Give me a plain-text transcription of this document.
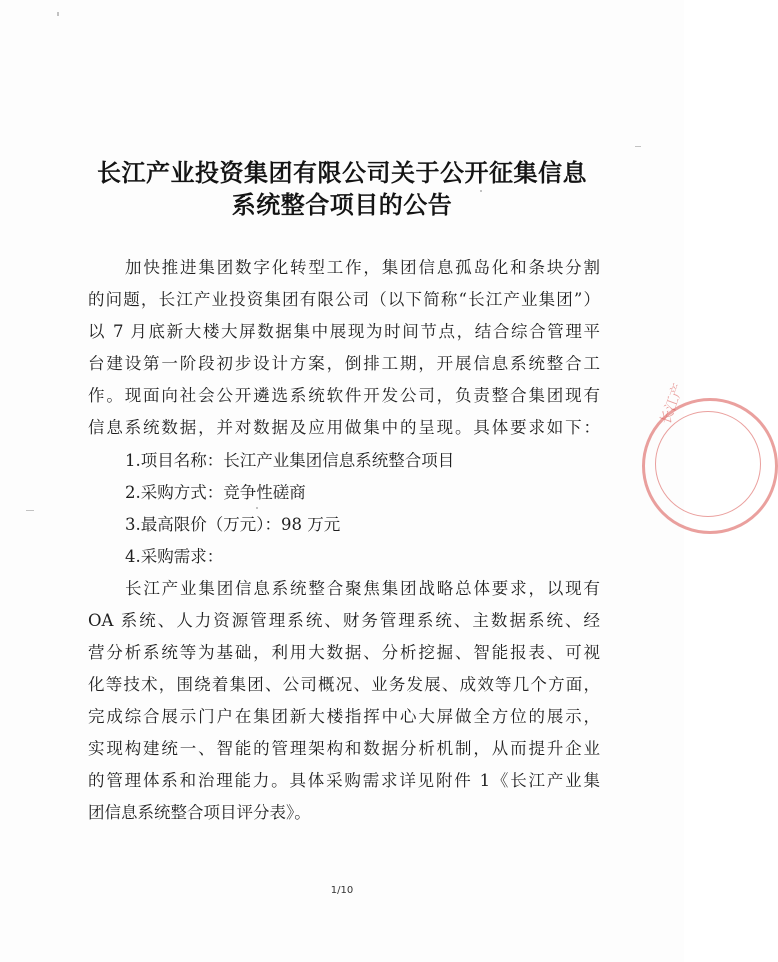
长江产业投资集团有限公司关于公开征集信息
系统整合项目的公告
加快推进集团数字化转型工作，集团信息孤岛化和条块分割
的问题，长江产业投资集团有限公司（以下简称“长江产业集团”）
以 7 月底新大楼大屏数据集中展现为时间节点，结合综合管理平
台建设第一阶段初步设计方案，倒排工期，开展信息系统整合工
作。现面向社会公开遴选系统软件开发公司，负责整合集团现有
信息系统数据，并对数据及应用做集中的呈现。具体要求如下：
1.项目名称：长江产业集团信息系统整合项目
2.采购方式：竞争性磋商
3.最高限价（万元）：98 万元
4.采购需求：
长江产业集团信息系统整合聚焦集团战略总体要求，以现有
OA 系统、人力资源管理系统、财务管理系统、主数据系统、经
营分析系统等为基础，利用大数据、分析挖掘、智能报表、可视
化等技术，围绕着集团、公司概况、业务发展、成效等几个方面，
完成综合展示门户在集团新大楼指挥中心大屏做全方位的展示，
实现构建统一、智能的管理架构和数据分析机制，从而提升企业
的管理体系和治理能力。具体采购需求详见附件 1《长江产业集
团信息系统整合项目评分表》。
长江产
1/10
